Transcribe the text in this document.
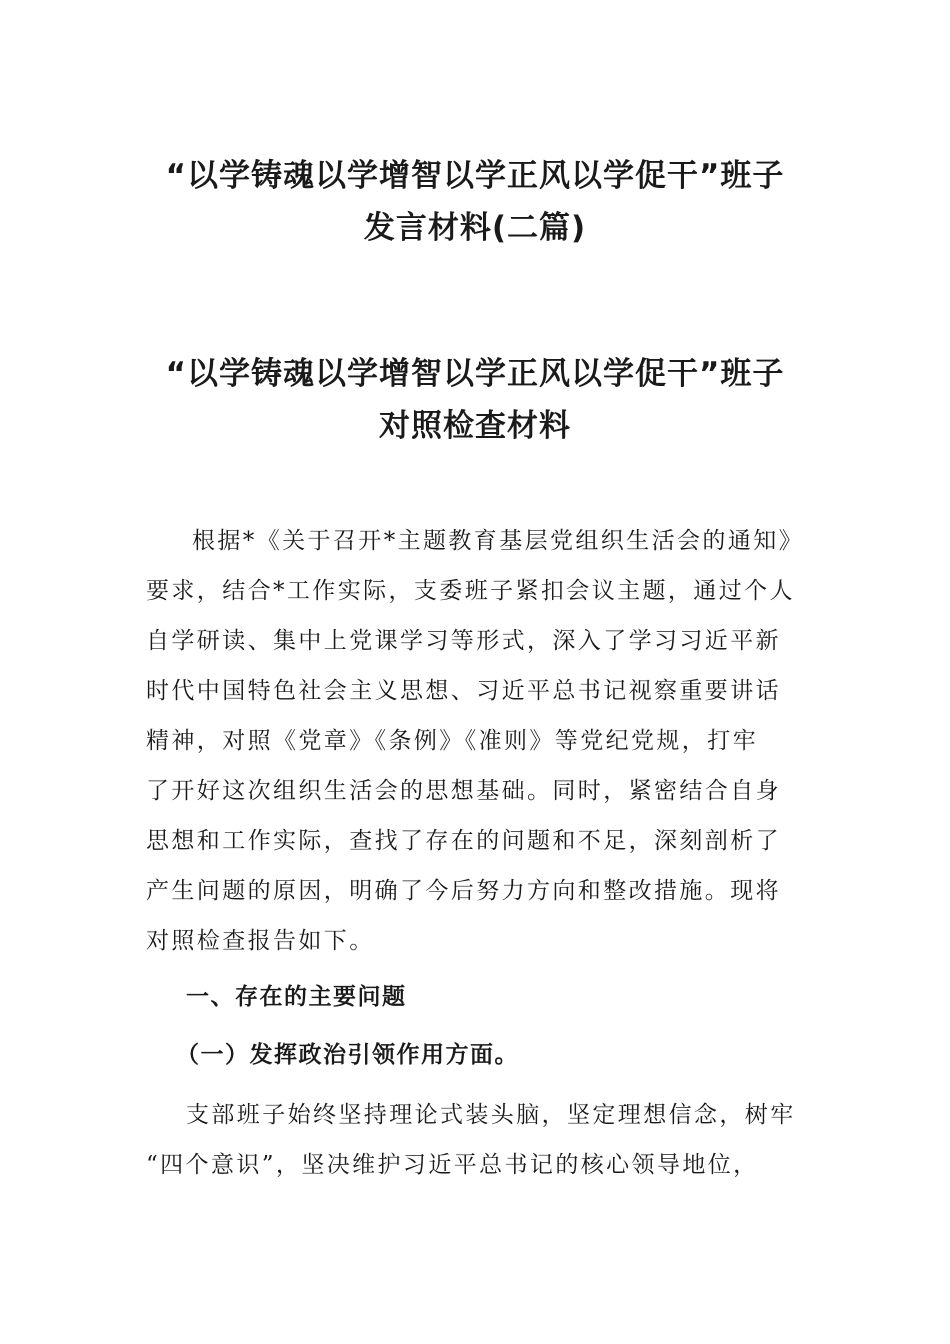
“以学铸魂以学增智以学正风以学促干”班子
发言材料(二篇)
“以学铸魂以学增智以学正风以学促干”班子
对照检查材料

根据*《关于召开*主题教育基层党组织生活会的通知》
要求，结合*工作实际，支委班子紧扣会议主题，通过个人
自学研读、集中上党课学习等形式，深入了学习习近平新
时代中国特色社会主义思想、习近平总书记视察重要讲话
精神，对照《党章》《条例》《准则》等党纪党规，打牢
了开好这次组织生活会的思想基础。同时，紧密结合自身
思想和工作实际，查找了存在的问题和不足，深刻剖析了
产生问题的原因，明确了今后努力方向和整改措施。现将
对照检查报告如下。

一、存在的主要问题
（一）发挥政治引领作用方面。

支部班子始终坚持理论式装头脑，坚定理想信念，树牢
“四个意识”，坚决维护习近平总书记的核心领导地位，
